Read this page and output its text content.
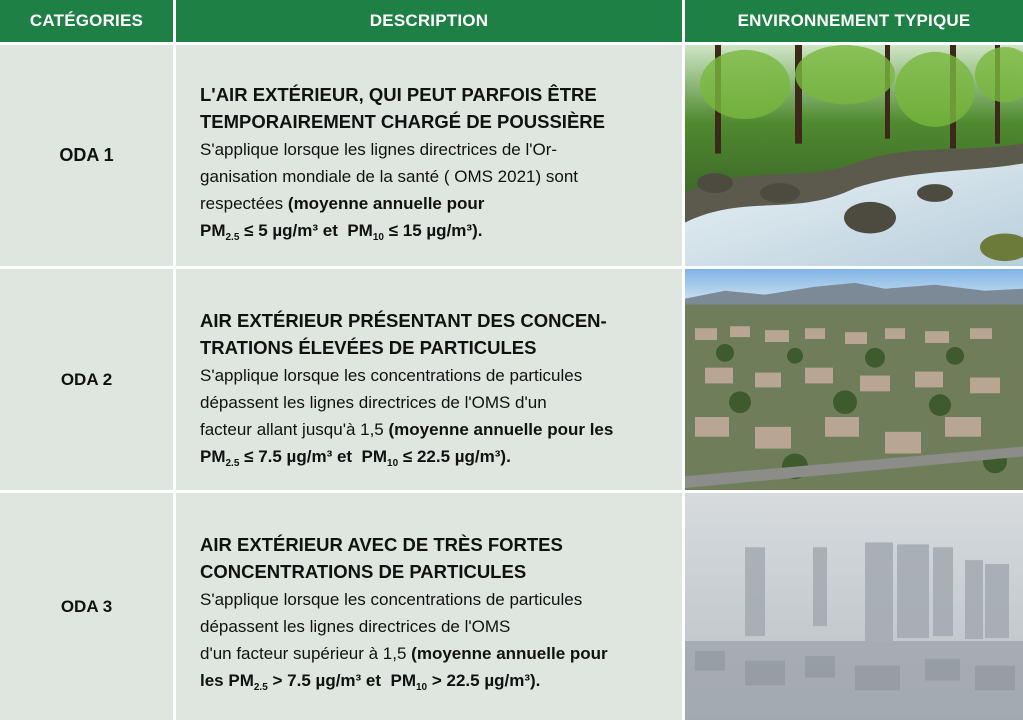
CATÉGORIES	DESCRIPTION	ENVIRONNEMENT TYPIQUE
ODA 1

L'AIR EXTÉRIEUR, QUI PEUT PARFOIS ÊTRE
TEMPORAIREMENT CHARGÉ DE POUSSIÈRE

S'applique lorsque les lignes directrices de l'Or-
ganisation mondiale de la santé ( OMS 2021) sont
respectées (moyenne annuelle pour
$PM_{2.5} \le 5$ µg/m³ et $PM_{10} \le 15$ µg/m³).

ODA 2

AIR EXTÉRIEUR PRÉSENTANT DES CONCEN-
TRATIONS ÉLEVÉES DE PARTICULES

S'applique lorsque les concentrations de particules
dépassent les lignes directrices de l'OMS d'un
facteur allant jusqu'à 1,5 (moyenne annuelle pour les
$PM_{2.5} \le 7.5$ µg/m³ et $PM_{10} \le 22.5$ µg/m³).

ODA 3

AIR EXTÉRIEUR AVEC DE TRÈS FORTES
CONCENTRATIONS DE PARTICULES

S'applique lorsque les concentrations de particules
dépassent les lignes directrices de l'OMS
d'un facteur supérieur à 1,5 (moyenne annuelle pour
les $PM_{2.5} > 7.5$ µg/m³ et $PM_{10} > 22.5$ µg/m³).
